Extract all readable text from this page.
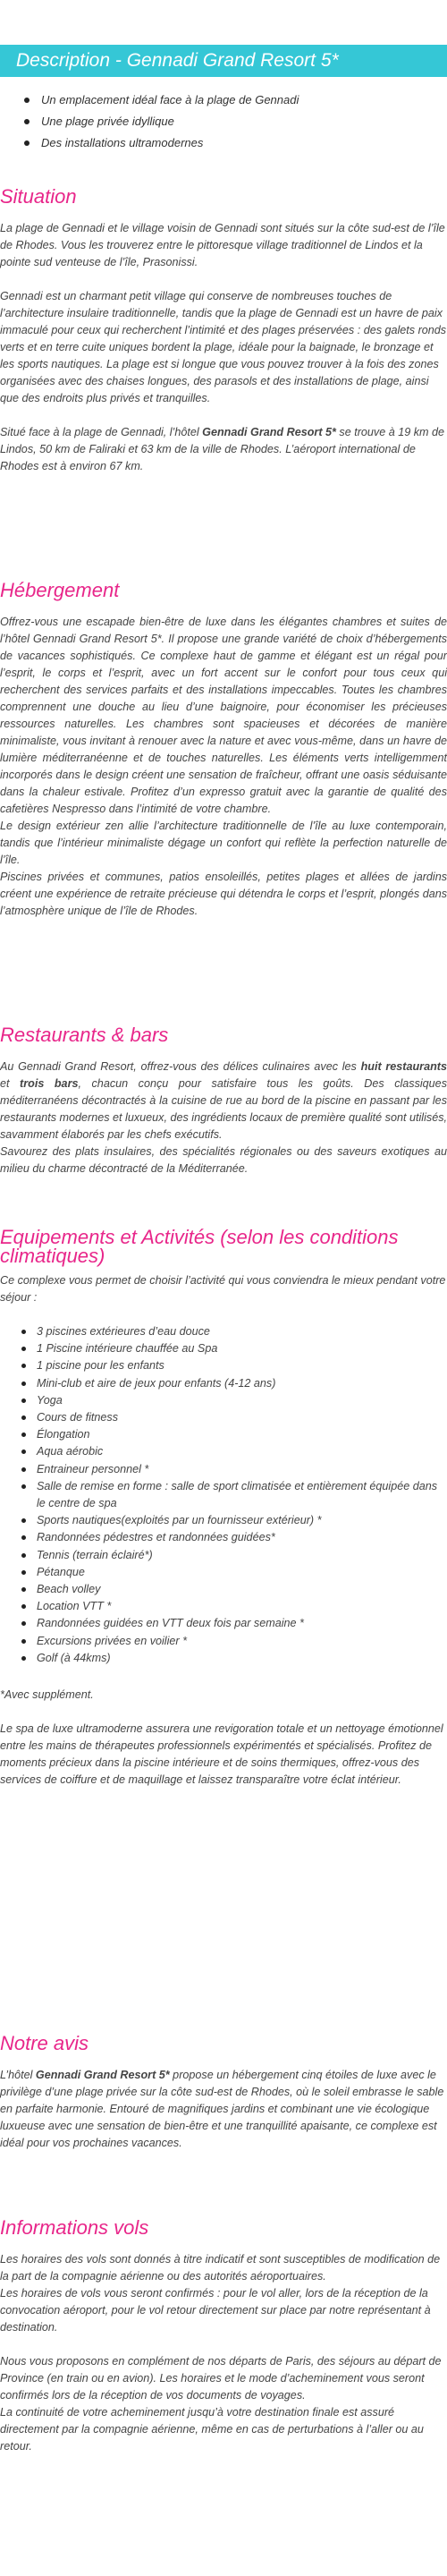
Description - Gennadi Grand Resort 5*
Un emplacement idéal face à la plage de Gennadi
Une plage privée idyllique
Des installations ultramodernes
Situation

La plage de Gennadi et le village voisin de Gennadi sont situés sur la côte sud-est de l’île de Rhodes. Vous les trouverez entre le pittoresque village traditionnel de Lindos et la pointe sud venteuse de l’île, Prasonissi.

Gennadi est un charmant petit village qui conserve de nombreuses touches de l’architecture insulaire traditionnelle, tandis que la plage de Gennadi est un havre de paix immaculé pour ceux qui recherchent l’intimité et des plages préservées : des galets ronds verts et en terre cuite uniques bordent la plage, idéale pour la baignade, le bronzage et les sports nautiques. La plage est si longue que vous pouvez trouver à la fois des zones organisées avec des chaises longues, des parasols et des installations de plage, ainsi que des endroits plus privés et tranquilles.

Situé face à la plage de Gennadi, l’hôtel Gennadi Grand Resort 5* se trouve à 19 km de Lindos, 50 km de Faliraki et 63 km de la ville de Rhodes. L’aéroport international de Rhodes est à environ 67 km.

Hébergement

Offrez-vous une escapade bien-être de luxe dans les élégantes chambres et suites de l’hôtel Gennadi Grand Resort 5*. Il propose une grande variété de choix d’hébergements de vacances sophistiqués. Ce complexe haut de gamme et élégant est un régal pour l’esprit, le corps et l’esprit, avec un fort accent sur le confort pour tous ceux qui recherchent des services parfaits et des installations impeccables. Toutes les chambres comprennent une douche au lieu d’une baignoire, pour économiser les précieuses ressources naturelles. Les chambres sont spacieuses et décorées de manière minimaliste, vous invitant à renouer avec la nature et avec vous-même, dans un havre de lumière méditerranéenne et de touches naturelles. Les éléments verts intelligemment incorporés dans le design créent une sensation de fraîcheur, offrant une oasis séduisante dans la chaleur estivale. Profitez d’un expresso gratuit avec la garantie de qualité des cafetières Nespresso dans l’intimité de votre chambre.

Le design extérieur zen allie l’architecture traditionnelle de l’île au luxe contemporain, tandis que l’intérieur minimaliste dégage un confort qui reflète la perfection naturelle de l’île.

Piscines privées et communes, patios ensoleillés, petites plages et allées de jardins créent une expérience de retraite précieuse qui détendra le corps et l’esprit, plongés dans l’atmosphère unique de l’île de Rhodes.

Restaurants & bars

Au Gennadi Grand Resort, offrez-vous des délices culinaires avec les huit restaurants et trois bars, chacun conçu pour satisfaire tous les goûts. Des classiques méditerranéens décontractés à la cuisine de rue au bord de la piscine en passant par les restaurants modernes et luxueux, des ingrédients locaux de première qualité sont utilisés, savamment élaborés par les chefs exécutifs.

Savourez des plats insulaires, des spécialités régionales ou des saveurs exotiques au milieu du charme décontracté de la Méditerranée.

Equipements et Activités (selon les conditions climatiques)

Ce complexe vous permet de choisir l’activité qui vous conviendra le mieux pendant votre séjour :

3 piscines extérieures d’eau douce
1 Piscine intérieure chauffée au Spa
1 piscine pour les enfants
Mini-club et aire de jeux pour enfants (4-12 ans)
Yoga
Cours de fitness
Élongation
Aqua aérobic
Entraineur personnel *
Salle de remise en forme : salle de sport climatisée et entièrement équipée dans le centre de spa
Sports nautiques(exploités par un fournisseur extérieur) *
Randonnées pédestres et randonnées guidées*
Tennis (terrain éclairé*)
Pétanque
Beach volley
Location VTT *
Randonnées guidées en VTT deux fois par semaine *
Excursions privées en voilier *
Golf (à 44kms)

*Avec supplément.

Le spa de luxe ultramoderne assurera une revigoration totale et un nettoyage émotionnel entre les mains de thérapeutes professionnels expérimentés et spécialisés. Profitez de moments précieux dans la piscine intérieure et de soins thermiques, offrez-vous des services de coiffure et de maquillage et laissez transparaître votre éclat intérieur.

Notre avis

L’hôtel Gennadi Grand Resort 5* propose un hébergement cinq étoiles de luxe avec le privilège d’une plage privée sur la côte sud-est de Rhodes, où le soleil embrasse le sable en parfaite harmonie. Entouré de magnifiques jardins et combinant une vie écologique luxueuse avec une sensation de bien-être et une tranquillité apaisante, ce complexe est idéal pour vos prochaines vacances.

Informations vols

Les horaires des vols sont donnés à titre indicatif et sont susceptibles de modification de la part de la compagnie aérienne ou des autorités aéroportuaires.

Les horaires de vols vous seront confirmés : pour le vol aller, lors de la réception de la convocation aéroport, pour le vol retour directement sur place par notre représentant à destination.

Nous vous proposons en complément de nos départs de Paris, des séjours au départ de Province (en train ou en avion). Les horaires et le mode d’acheminement vous seront confirmés lors de la réception de vos documents de voyages.

La continuité de votre acheminement jusqu’à votre destination finale est assuré directement par la compagnie aérienne, même en cas de perturbations à l’aller ou au retour.
